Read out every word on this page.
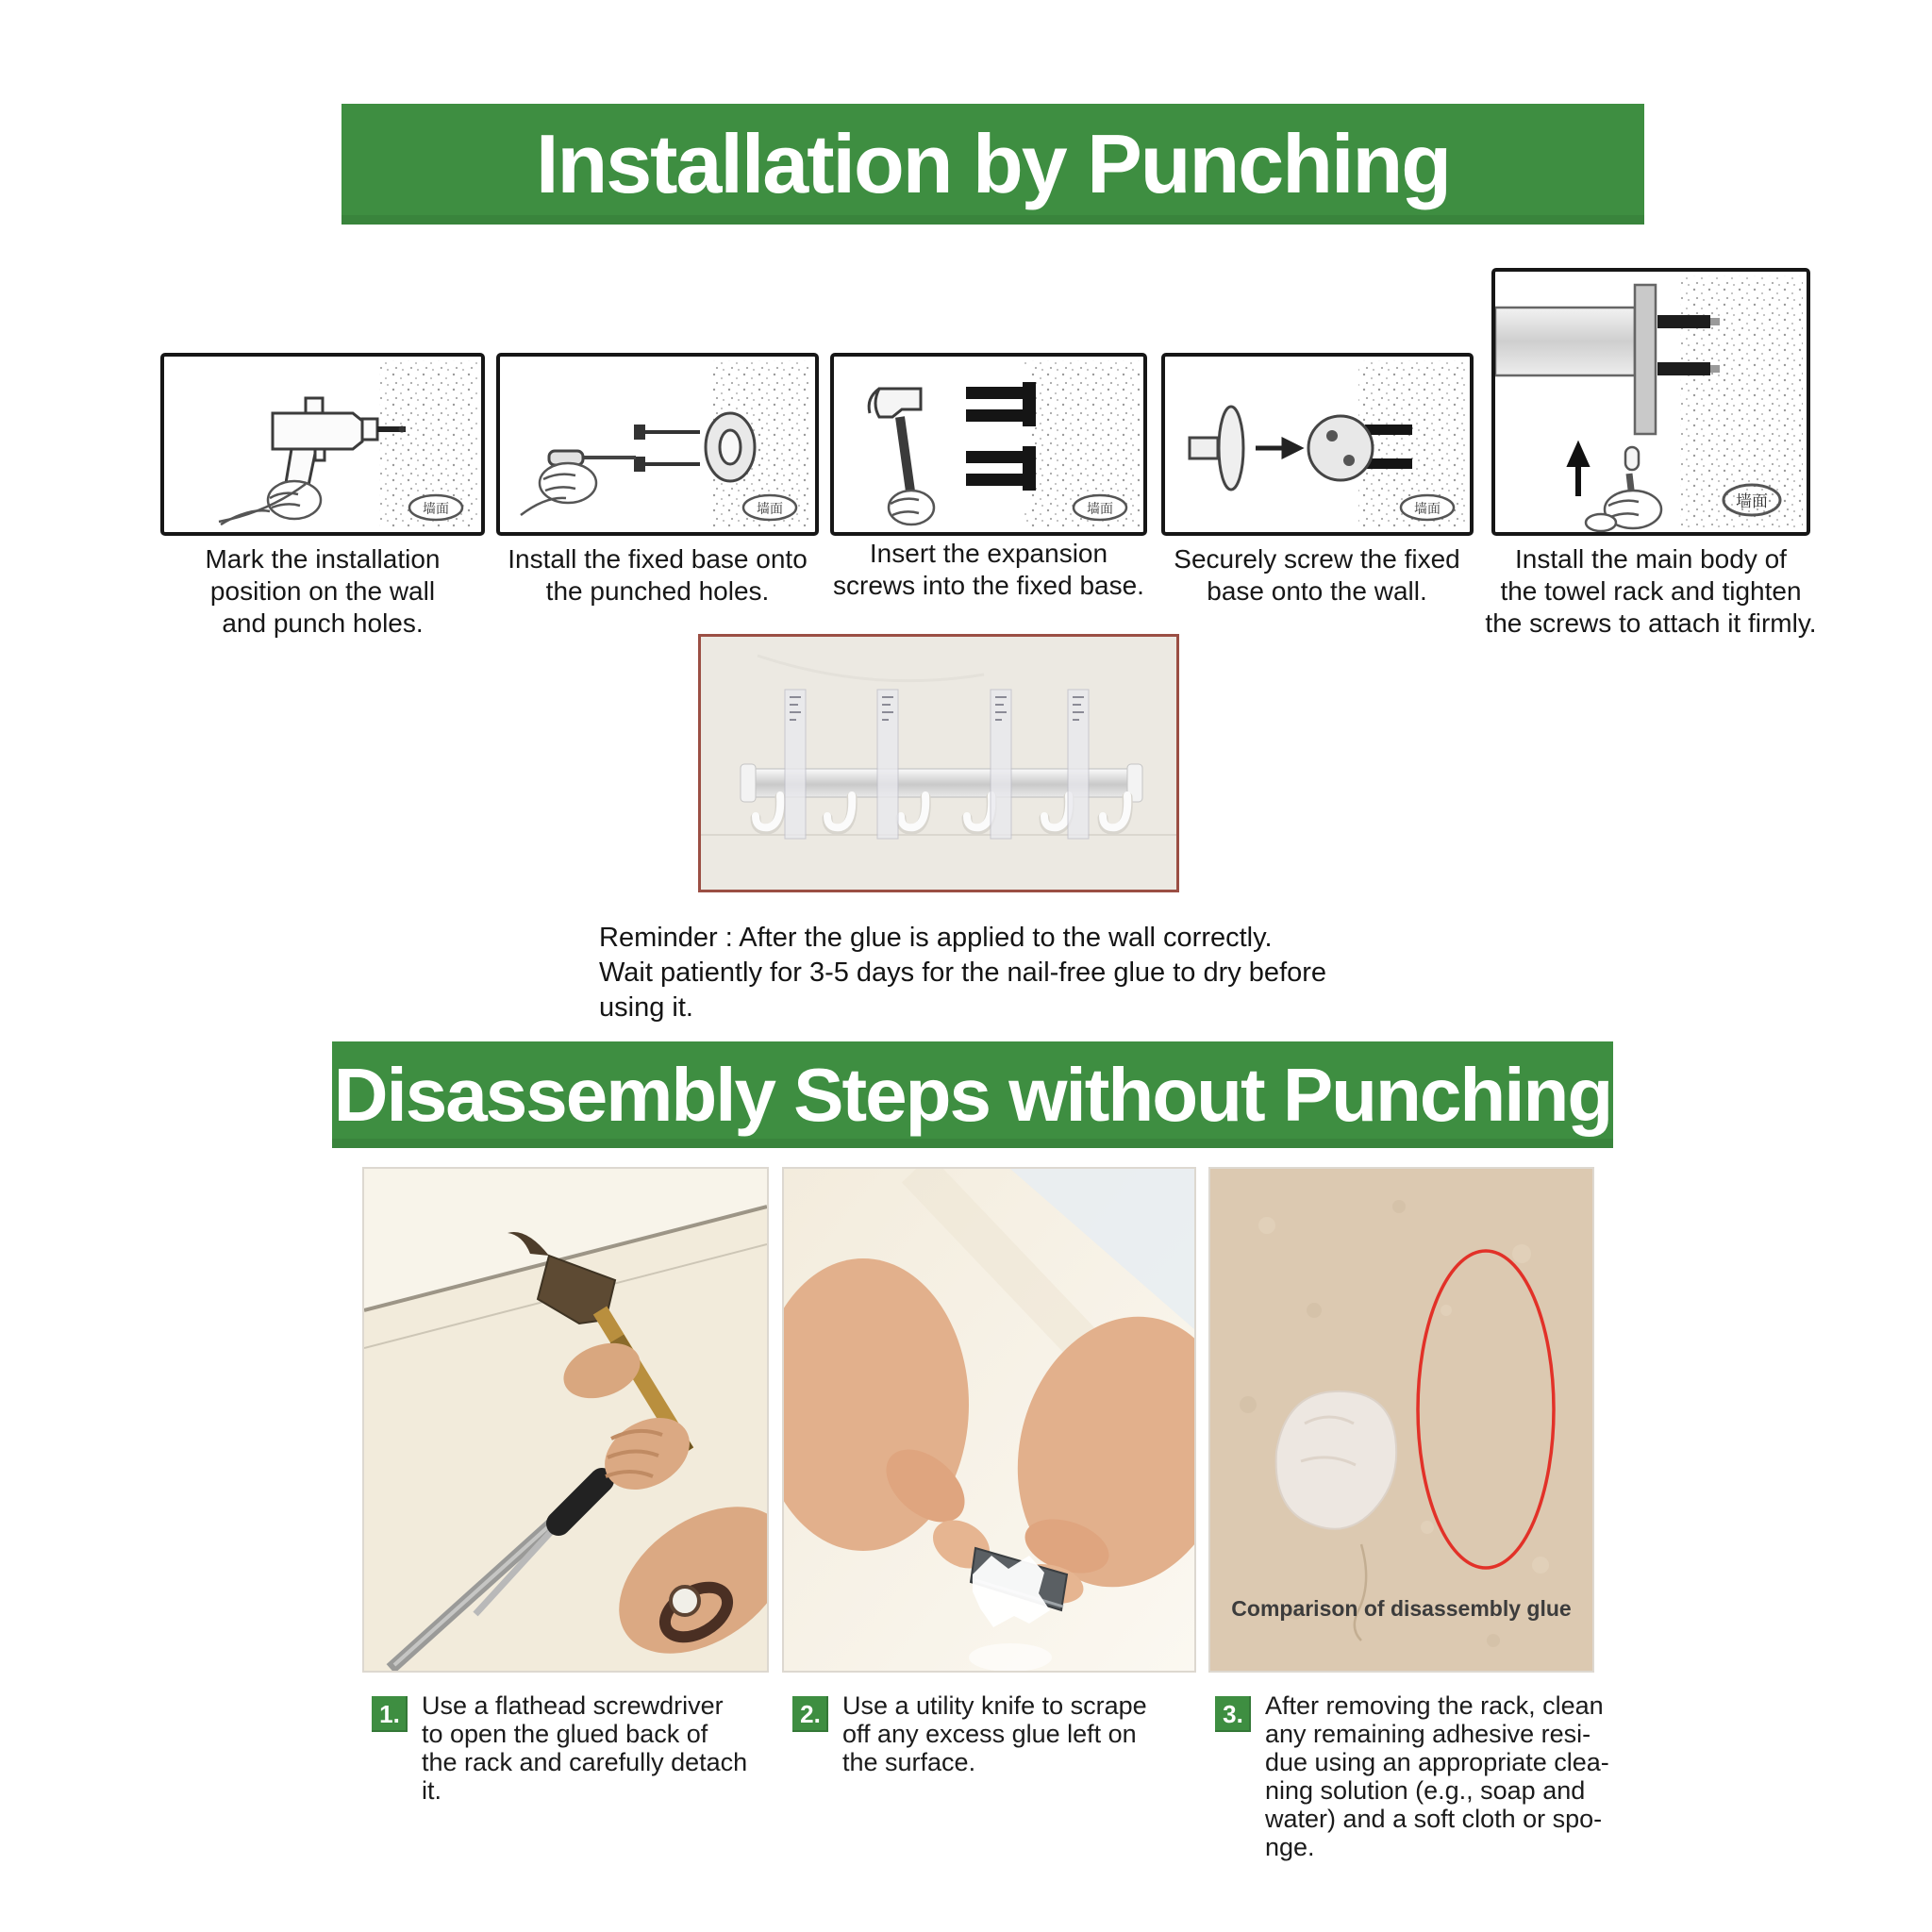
Installation by Punching
墙面	墙面	墙面	墙面	墙面
Mark the installation
position on the wall
and punch holes.
Install the fixed base onto
the punched holes.
Insert the expansion
screws into the fixed base.
Securely screw the fixed
base onto the wall.
Install the main body of
the towel rack and tighten
the screws to attach it firmly.
Reminder : After the glue is applied to the wall correctly.
Wait patiently for 3-5 days for the nail-free glue to dry before
using it.
Disassembly Steps without Punching
Comparison of disassembly glue
1. Use a flathead screwdriver
to open the glued back of
the rack and carefully detach
it.
2. Use a utility knife to scrape
off any excess glue left on
the surface.
3. After removing the rack, clean
any remaining adhesive resi-
due using an appropriate clea-
ning solution (e.g., soap and
water) and a soft cloth or spo-
nge.
